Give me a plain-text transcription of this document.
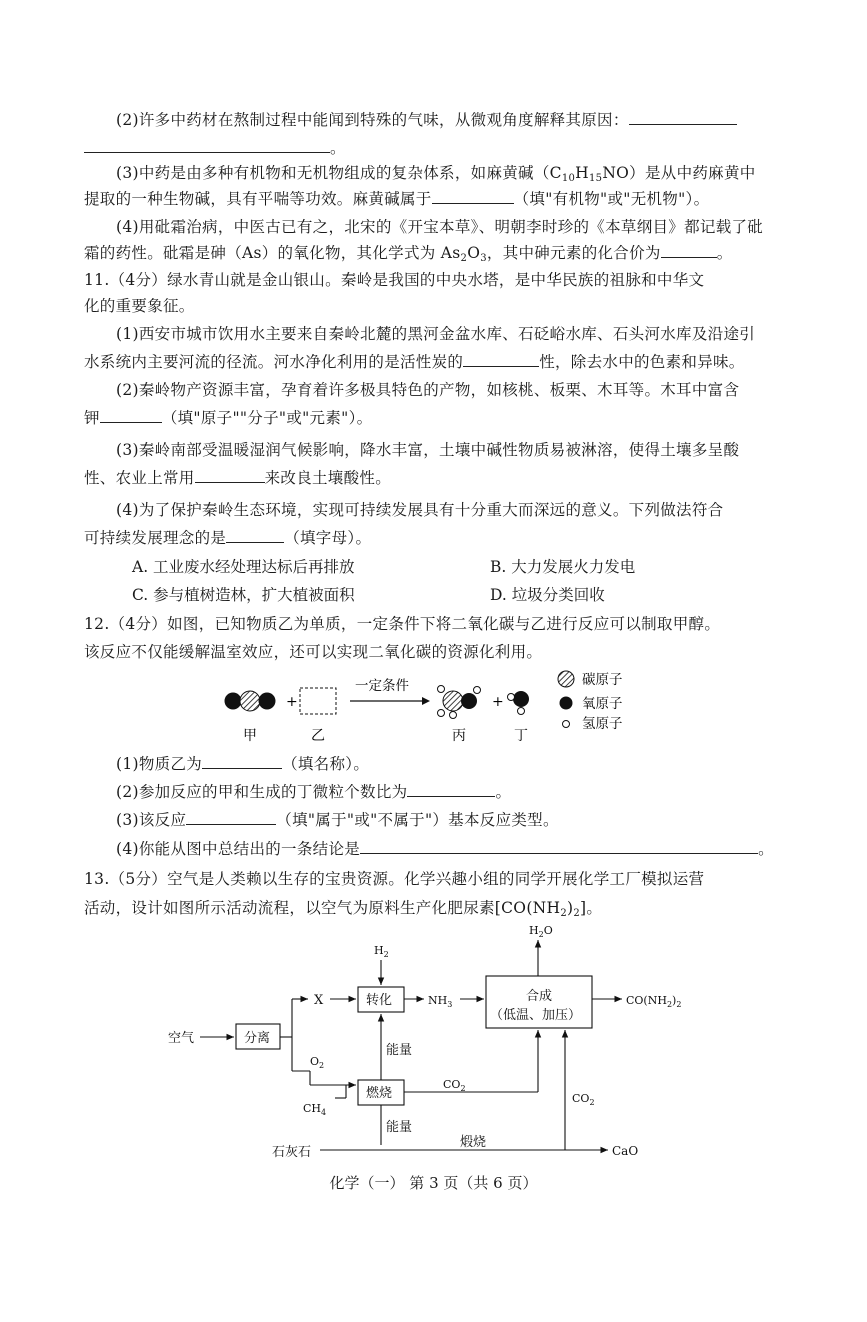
(2)许多中药材在熬制过程中能闻到特殊的气味，从微观角度解释其原因：
。
(3)中药是由多种有机物和无机物组成的复杂体系，如麻黄碱$(C_{10}H_{15}NO)$是从中药麻黄中
提取的一种生物碱，具有平喘等功效。麻黄碱属于	（填"有机物"或"无机物"）。
(4)用砒霜治病，中医古已有之，北宋的《开宝本草》、明朝李时珍的《本草纲目》都记载了砒
霜的药性。砒霜是砷（As）的氧化物，其化学式为 $As_2O_3$，其中砷元素的化合价为	。
11.（4分）绿水青山就是金山银山。秦岭是我国的中央水塔，是中华民族的祖脉和中华文
化的重要象征。
(1)西安市城市饮用水主要来自秦岭北麓的黑河金盆水库、石砭峪水库、石头河水库及沿途引
水系统内主要河流的径流。河水净化利用的是活性炭的	性，除去水中的色素和异味。
(2)秦岭物产资源丰富，孕育着许多极具特色的产物，如核桃、板栗、木耳等。木耳中富含
钾	（填"原子""分子"或"元素"）。
(3)秦岭南部受温暖湿润气候影响，降水丰富，土壤中碱性物质易被淋溶，使得土壤多呈酸
性、农业上常用	来改良土壤酸性。
(4)为了保护秦岭生态环境，实现可持续发展具有十分重大而深远的意义。下列做法符合
可持续发展理念的是	（填字母）。
A. 工业废水经处理达标后再排放	B. 大力发展火力发电
C. 参与植树造林，扩大植被面积	D. 垃圾分类回收
12.（4分）如图，已知物质乙为单质，一定条件下将二氧化碳与乙进行反应可以制取甲醇。
该反应不仅能缓解温室效应，还可以实现二氧化碳的资源化利用。
+
一定条件
+
碳原子
氧原子
氢原子
甲	乙	丙	丁
(1)物质乙为	（填名称）。
(2)参加反应的甲和生成的丁微粒个数比为	。
(3)该反应	（填"属于"或"不属于"）基本反应类型。
(4)你能从图中总结出的一条结论是	。
13.（5分）空气是人类赖以生存的宝贵资源。化学兴趣小组的同学开展化学工厂模拟运营
活动，设计如图所示活动流程，以空气为原料生产化肥尿素$[CO(NH_2)_2]$。
空气	分离
X
$O_2$
$CH_4$
$H_2$
转化	$NH_3$
合成
（低温、加压）
$H_2O$
$CO(NH_2)_2$
能量
燃烧
$CO_2$
$CO_2$
能量
石灰石
煅烧
CaO
化学（一） 第 3 页（共 6 页）
